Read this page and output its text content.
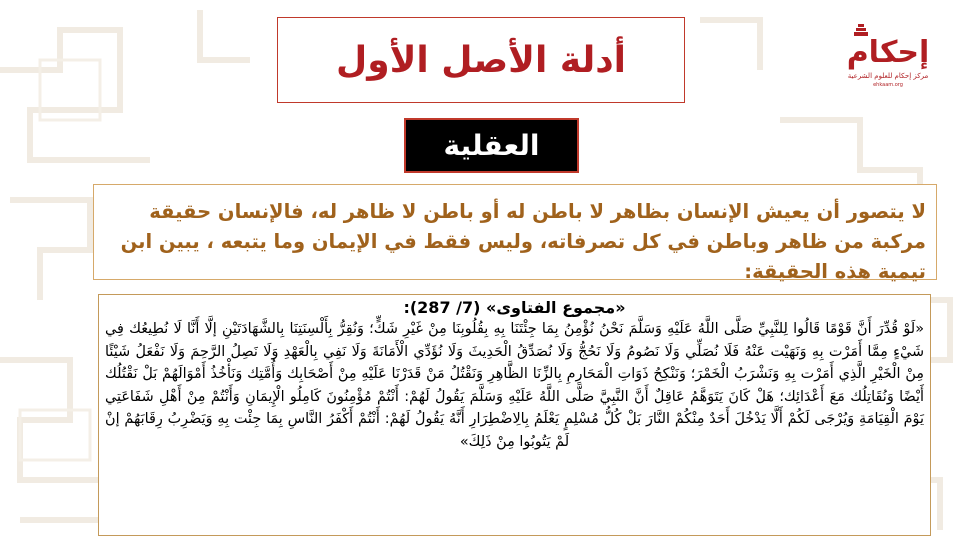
أدلة الأصل الأول	إحكام
مركز إحكام للعلوم الشرعية
ehkaam.org
العقلية

لا يتصور أن يعيش الإنسان بظاهر لا باطن له أو باطن لا ظاهر له، فالإنسان حقيقة مركبة من ظاهر وباطن في كل تصرفاته، وليس فقط في الإيمان وما يتبعه ، يبين ابن تيمية هذه الحقيقة:

«مجموع الفتاوى» (7/ 287):

«لَوْ قُدِّرَ أَنَّ قَوْمًا قَالُوا لِلنَّبِيِّ صَلَّى اللَّهُ عَلَيْهِ وَسَلَّمَ نَحْنُ نُؤْمِنُ بِمَا جِئْتَنَا بِهِ بِقُلُوبِنَا مِنْ غَيْرِ شَكٍّ؛ وَنُقِرُّ بِأَلْسِنَتِنَا بِالشَّهَادَتَيْنِ إلَّا أَنَّا لَا نُطِيعُك فِي شَيْءٍ مِمَّا أَمَرْت بِهِ وَنَهَيْت عَنْهُ فَلَا نُصَلِّي وَلَا نَصُومُ وَلَا نَحُجُّ وَلَا نُصَدِّقُ الْحَدِيثَ وَلَا نُؤَدِّي الْأَمَانَةَ وَلَا نَفِي بِالْعَهْدِ وَلَا نَصِلُ الرَّحِمَ وَلَا نَفْعَلُ شَيْئًا مِنْ الْخَيْرِ الَّذِي أَمَرْت بِهِ وَنَشْرَبُ الْخَمْرَ؛ وَنَنْكِحُ ذَوَاتِ الْمَحَارِمِ بِالزِّنَا الظَّاهِرِ وَنَقْتُلُ مَنْ قَدَرْنَا عَلَيْهِ مِنْ أَصْحَابِك وَأُمَّتِك وَنَأْخُذُ أَمْوَالَهُمْ بَلْ نَقْتُلُك أَيْضًا وَنُقَاتِلُك مَعَ أَعْدَائِك؛ هَلْ كَانَ يَتَوَهَّمُ عَاقِلٌ أَنَّ النَّبِيَّ صَلَّى اللَّهُ عَلَيْهِ وَسَلَّمَ يَقُولُ لَهُمْ: أَنْتُمْ مُؤْمِنُونَ كَامِلُو الْإِيمَانِ وَأَنْتُمْ مِنْ أَهْلِ شَفَاعَتِي يَوْمَ الْقِيَامَةِ وَيُرْجَى لَكُمْ أَلَّا يَدْخُلَ أَحَدٌ مِنْكُمْ النَّارَ بَلْ كُلُّ مُسْلِمٍ يَعْلَمُ بِالِاضْطِرَارِ أَنَّهُ يَقُولُ لَهُمْ: أَنْتُمْ أَكْفَرُ النَّاسِ بِمَا جِئْت بِهِ وَيَضْرِبُ رِقَابَهُمْ إنْ لَمْ يَتُوبُوا مِنْ ذَلِكَ»
